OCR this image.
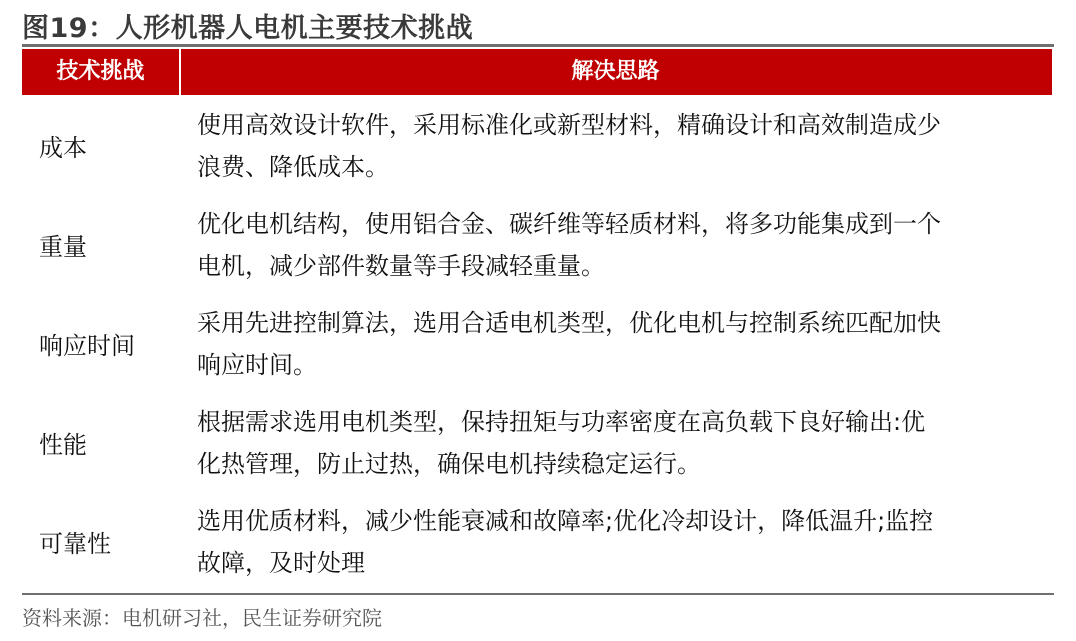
图19：人形机器人电机主要技术挑战
技术挑战	解决思路
成本
使用高效设计软件，采用标准化或新型材料，精确设计和高效制造成少
浪费、降低成本。
重量
优化电机结构，使用铝合金、碳纤维等轻质材料，将多功能集成到一个
电机，减少部件数量等手段减轻重量。
响应时间
采用先进控制算法，选用合适电机类型，优化电机与控制系统匹配加快
响应时间。
性能
根据需求选用电机类型，保持扭矩与功率密度在高负载下良好输出:优
化热管理，防止过热，确保电机持续稳定运行。
可靠性
选用优质材料，减少性能衰减和故障率;优化冷却设计，降低温升;监控
故障，及时处理
资料来源：电机研习社，民生证券研究院
